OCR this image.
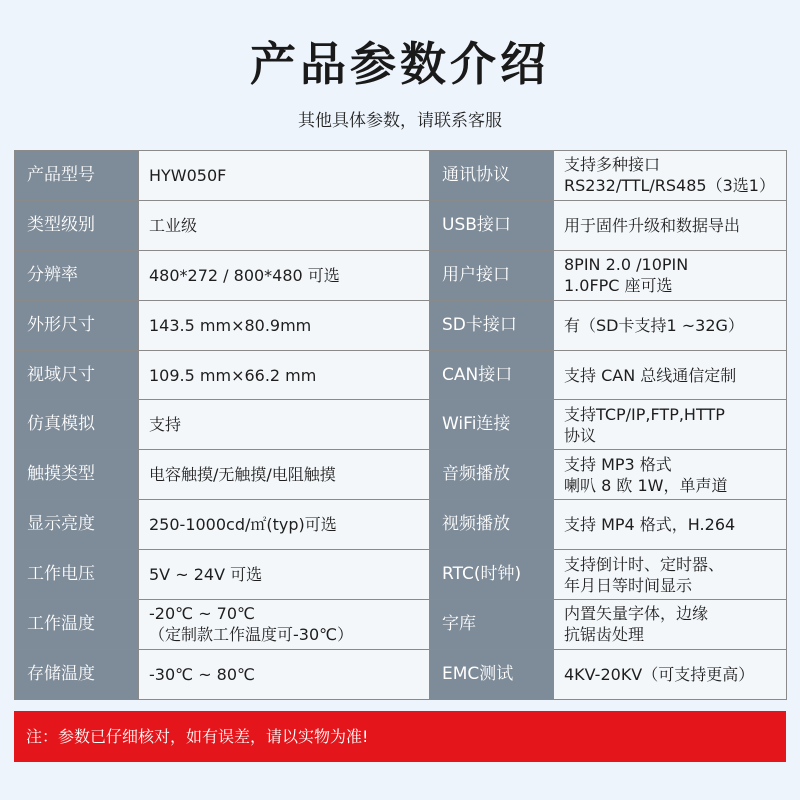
产品参数介绍
其他具体参数，请联系客服
产品型号	HYW050F	通讯协议	支持多种接口
RS232/TTL/RS485（3选1）

类型级别	工业级	USB接口	用于固件升级和数据导出

分辨率	480*272 / 800*480 可选	用户接口	8PIN 2.0 /10PIN
1.0FPC 座可选

外形尺寸	143.5 mm×80.9mm	SD卡接口	有（SD卡支持1 ~32G）

视域尺寸	109.5 mm×66.2 mm	CAN接口	支持 CAN 总线通信定制

仿真模拟	支持	WiFi连接	支持TCP/IP,FTP,HTTP
协议

触摸类型	电容触摸/无触摸/电阻触摸	音频播放	支持 MP3 格式
喇叭 8 欧 1W，单声道

显示亮度	250-1000cd/㎡(typ)可选	视频播放	支持 MP4 格式，H.264

工作电压	5V ~ 24V 可选	RTC(时钟)	支持倒计时、定时器、
年月日等时间显示

工作温度	-20℃ ~ 70℃
（定制款工作温度可-30℃）	字库	内置矢量字体，边缘
抗锯齿处理

存储温度	-30℃ ~ 80℃	EMC测试	4KV-20KV（可支持更高）
注：参数已仔细核对，如有误差，请以实物为准!
